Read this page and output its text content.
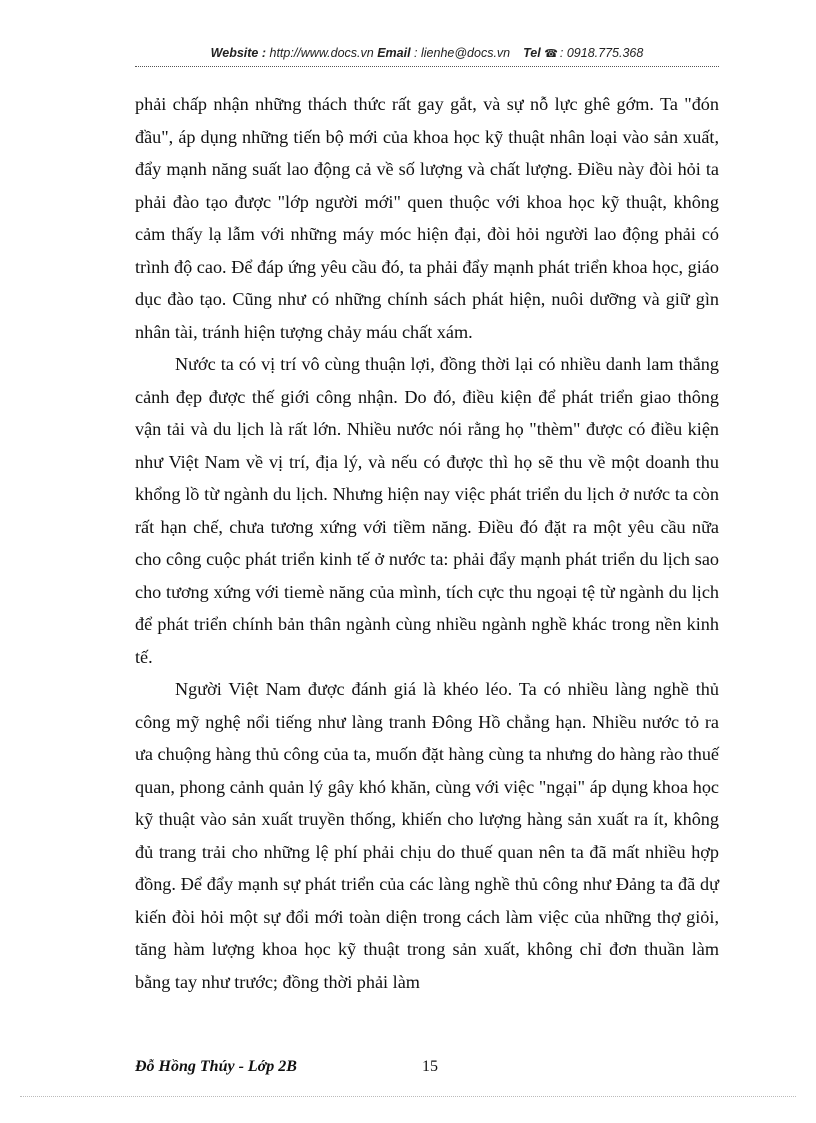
Website : http://www.docs.vn Email : lienhe@docs.vn Tel ☎ : 0918.775.368

phải chấp nhận những thách thức rất gay gắt, và sự nỗ lực ghê gớm. Ta "đón đầu", áp dụng những tiến bộ mới của khoa học kỹ thuật nhân loại vào sản xuất, đẩy mạnh năng suất lao động cả về số lượng và chất lượng. Điều này đòi hỏi ta phải đào tạo được "lớp người mới" quen thuộc với khoa học kỹ thuật, không cảm thấy lạ lẫm với những máy móc hiện đại, đòi hỏi người lao động phải có trình độ cao. Để đáp ứng yêu cầu đó, ta phải đẩy mạnh phát triển khoa học, giáo dục đào tạo. Cũng như có những chính sách phát hiện, nuôi dưỡng và giữ gìn nhân tài, tránh hiện tượng chảy máu chất xám.

Nước ta có vị trí vô cùng thuận lợi, đồng thời lại có nhiều danh lam thắng cảnh đẹp được thế giới công nhận. Do đó, điều kiện để phát triển giao thông vận tải và du lịch là rất lớn. Nhiều nước nói rằng họ "thèm" được có điều kiện như Việt Nam về vị trí, địa lý, và nếu có được thì họ sẽ thu về một doanh thu khổng lồ từ ngành du lịch. Nhưng hiện nay việc phát triển du lịch ở nước ta còn rất hạn chế, chưa tương xứng với tiềm năng. Điều đó đặt ra một yêu cầu nữa cho công cuộc phát triển kinh tế ở nước ta: phải đẩy mạnh phát triển du lịch sao cho tương xứng với tiemè năng của mình, tích cực thu ngoại tệ từ ngành du lịch để phát triển chính bản thân ngành cùng nhiều ngành nghề khác trong nền kinh tế.

Người Việt Nam được đánh giá là khéo léo. Ta có nhiều làng nghề thủ công mỹ nghệ nổi tiếng như làng tranh Đông Hồ chẳng hạn. Nhiều nước tỏ ra ưa chuộng hàng thủ công của ta, muốn đặt hàng cùng ta nhưng do hàng rào thuế quan, phong cảnh quản lý gây khó khăn, cùng với việc "ngại" áp dụng khoa học kỹ thuật vào sản xuất truyền thống, khiến cho lượng hàng sản xuất ra ít, không đủ trang trải cho những lệ phí phải chịu do thuế quan nên ta đã mất nhiều hợp đồng. Để đẩy mạnh sự phát triển của các làng nghề thủ công như Đảng ta đã dự kiến đòi hỏi một sự đổi mới toàn diện trong cách làm việc của những thợ giỏi, tăng hàm lượng khoa học kỹ thuật trong sản xuất, không chỉ đơn thuần làm bằng tay như trước; đồng thời phải làm

Đỗ Hồng Thúy - Lớp 2B	15
